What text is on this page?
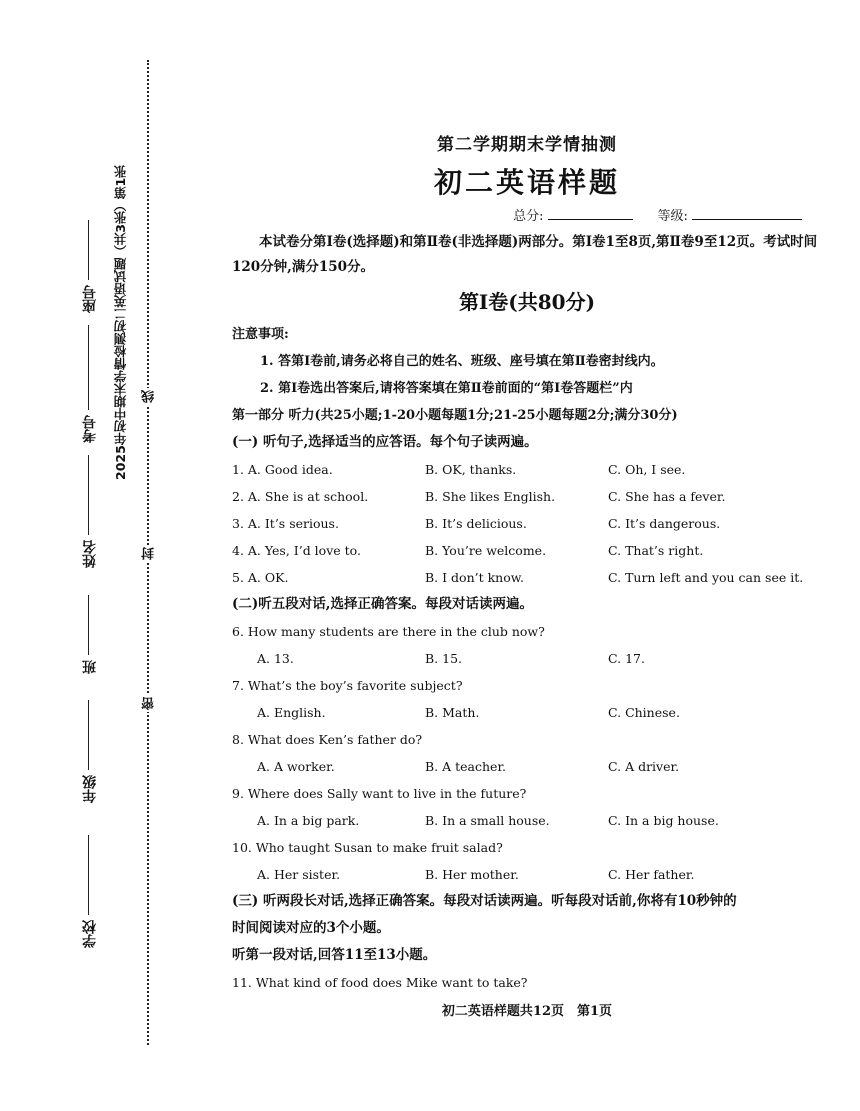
线
封
密
2025年初中期末学情检测初二英语试题（共3张）第1张
座号
考号
姓名
班
年级
学校

第二学期期末学情抽测

初二英语样题

总分:	等级:

本试卷分第Ⅰ卷(选择题)和第Ⅱ卷(非选择题)两部分。第Ⅰ卷1至8页,第Ⅱ卷9至12页。考试时间120分钟,满分150分。

第Ⅰ卷(共80分)

注意事项:

1. 答第Ⅰ卷前,请务必将自己的姓名、班级、座号填在第Ⅱ卷密封线内。

2. 第Ⅰ卷选出答案后,请将答案填在第Ⅱ卷前面的“第Ⅰ卷答题栏”内

第一部分 听力(共25小题;1-20小题每题1分;21-25小题每题2分;满分30分)

(一) 听句子,选择适当的应答语。每个句子读两遍。

1. A. Good idea.	B. OK, thanks.	C. Oh, I see.
2. A. She is at school.	B. She likes English.	C. She has a fever.
3. A. It’s serious.	B. It’s delicious.	C. It’s dangerous.
4. A. Yes, I’d love to.	B. You’re welcome.	C. That’s right.
5. A. OK.	B. I don’t know.	C. Turn left and you can see it.

(二)听五段对话,选择正确答案。每段对话读两遍。

6. How many students are there in the club now?

A. 13.	B. 15.	C. 17.

7. What’s the boy’s favorite subject?

A. English.	B. Math.	C. Chinese.

8. What does Ken’s father do?

A. A worker.	B. A teacher.	C. A driver.

9. Where does Sally want to live in the future?

A. In a big park.	B. In a small house.	C. In a big house.

10. Who taught Susan to make fruit salad?

A. Her sister.	B. Her mother.	C. Her father.

(三) 听两段长对话,选择正确答案。每段对话读两遍。听每段对话前,你将有10秒钟的

时间阅读对应的3个小题。

听第一段对话,回答11至13小题。

11. What kind of food does Mike want to take?

初二英语样题共12页　第1页
